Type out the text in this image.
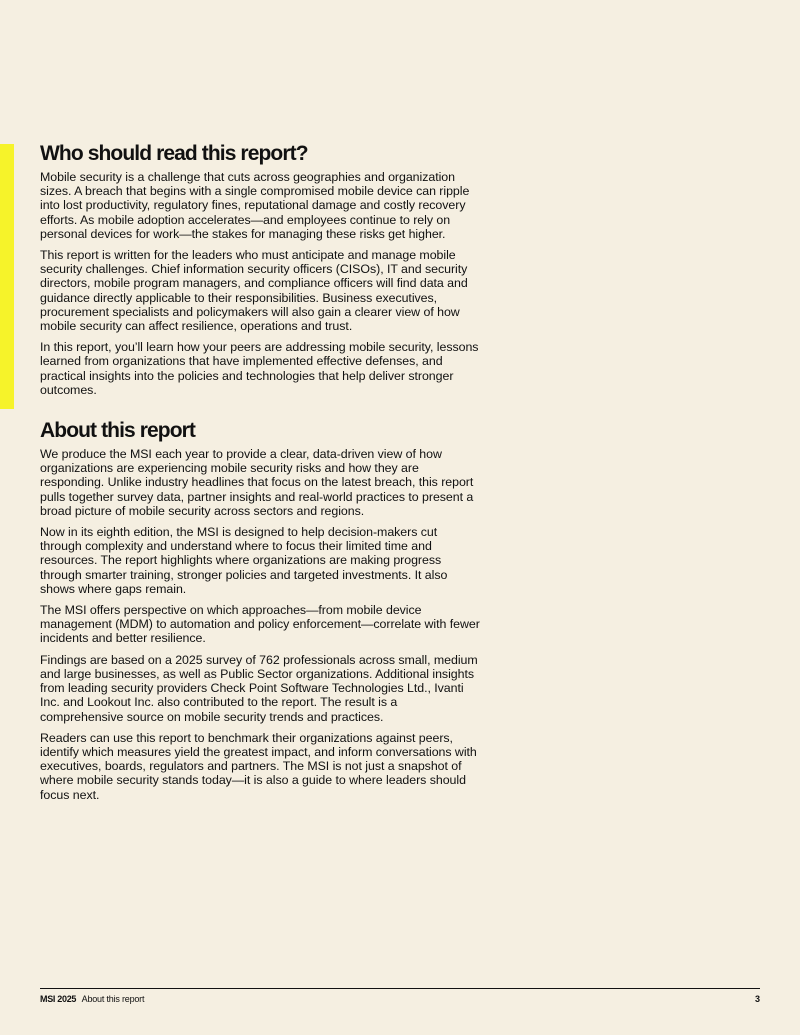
Who should read this report?

Mobile security is a challenge that cuts across geographies and organization sizes. A breach that begins with a single compromised mobile device can ripple into lost productivity, regulatory fines, reputational damage and costly recovery efforts. As mobile adoption accelerates—and employees continue to rely on personal devices for work—the stakes for managing these risks get higher.

This report is written for the leaders who must anticipate and manage mobile security challenges. Chief information security officers (CISOs), IT and security directors, mobile program managers, and compliance officers will find data and guidance directly applicable to their responsibilities. Business executives, procurement specialists and policymakers will also gain a clearer view of how mobile security can affect resilience, operations and trust.

In this report, you’ll learn how your peers are addressing mobile security, lessons learned from organizations that have implemented effective defenses, and practical insights into the policies and technologies that help deliver stronger outcomes.

About this report

We produce the MSI each year to provide a clear, data-driven view of how organizations are experiencing mobile security risks and how they are responding. Unlike industry headlines that focus on the latest breach, this report pulls together survey data, partner insights and real-world practices to present a broad picture of mobile security across sectors and regions.

Now in its eighth edition, the MSI is designed to help decision-makers cut through complexity and understand where to focus their limited time and resources. The report highlights where organizations are making progress through smarter training, stronger policies and targeted investments. It also shows where gaps remain.

The MSI offers perspective on which approaches—from mobile device management (MDM) to automation and policy enforcement—correlate with fewer incidents and better resilience.

Findings are based on a 2025 survey of 762 professionals across small, medium and large businesses, as well as Public Sector organizations. Additional insights from leading security providers Check Point Software Technologies Ltd., Ivanti Inc. and Lookout Inc. also contributed to the report. The result is a comprehensive source on mobile security trends and practices.

Readers can use this report to benchmark their organizations against peers, identify which measures yield the greatest impact, and inform conversations with executives, boards, regulators and partners. The MSI is not just a snapshot of where mobile security stands today—it is also a guide to where leaders should focus next.

MSI 2025 About this report	3
